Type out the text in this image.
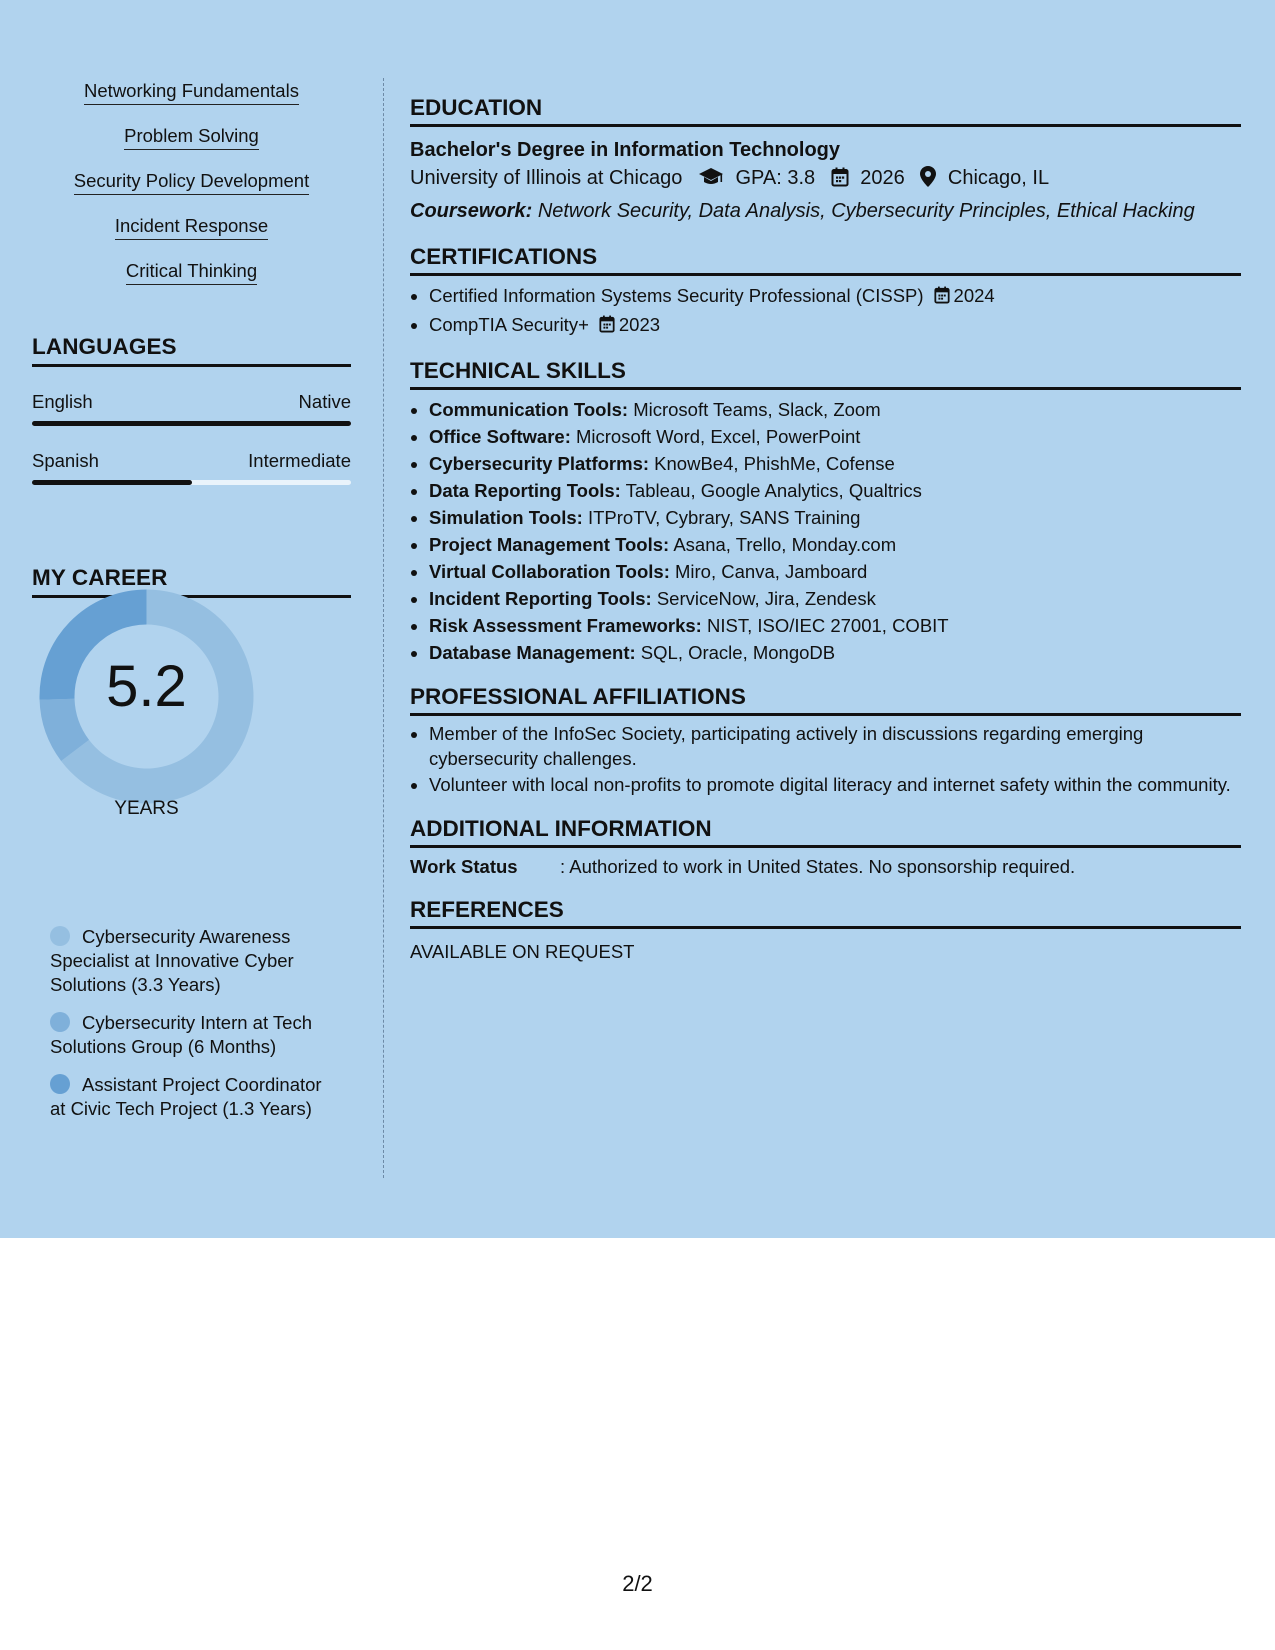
Networking Fundamentals
Problem Solving
Security Policy Development
Incident Response
Critical Thinking
LANGUAGES
English	Native
Spanish	Intermediate
MY CAREER
5.2
YEARS
Cybersecurity Awareness Specialist at Innovative Cyber Solutions (3.3 Years)
Cybersecurity Intern at Tech Solutions Group (6 Months)
Assistant Project Coordinator at Civic Tech Project (1.3 Years)
EDUCATION
Bachelor's Degree in Information Technology
University of Illinois at Chicago	GPA: 3.8 2026 Chicago, IL
Coursework: Network Security, Data Analysis, Cybersecurity Principles, Ethical Hacking
CERTIFICATIONS
• Certified Information Systems Security Professional (CISSP) 2024
• CompTIA Security+ 2023
TECHNICAL SKILLS
• Communication Tools: Microsoft Teams, Slack, Zoom
• Office Software: Microsoft Word, Excel, PowerPoint
• Cybersecurity Platforms: KnowBe4, PhishMe, Cofense
• Data Reporting Tools: Tableau, Google Analytics, Qualtrics
• Simulation Tools: ITProTV, Cybrary, SANS Training
• Project Management Tools: Asana, Trello, Monday.com
• Virtual Collaboration Tools: Miro, Canva, Jamboard
• Incident Reporting Tools: ServiceNow, Jira, Zendesk
• Risk Assessment Frameworks: NIST, ISO/IEC 27001, COBIT
• Database Management: SQL, Oracle, MongoDB
PROFESSIONAL AFFILIATIONS
• Member of the InfoSec Society, participating actively in discussions regarding emerging cybersecurity challenges.
• Volunteer with local non-profits to promote digital literacy and internet safety within the community.
ADDITIONAL INFORMATION
Work Status	: Authorized to work in United States. No sponsorship required.
REFERENCES
AVAILABLE ON REQUEST
2/2
